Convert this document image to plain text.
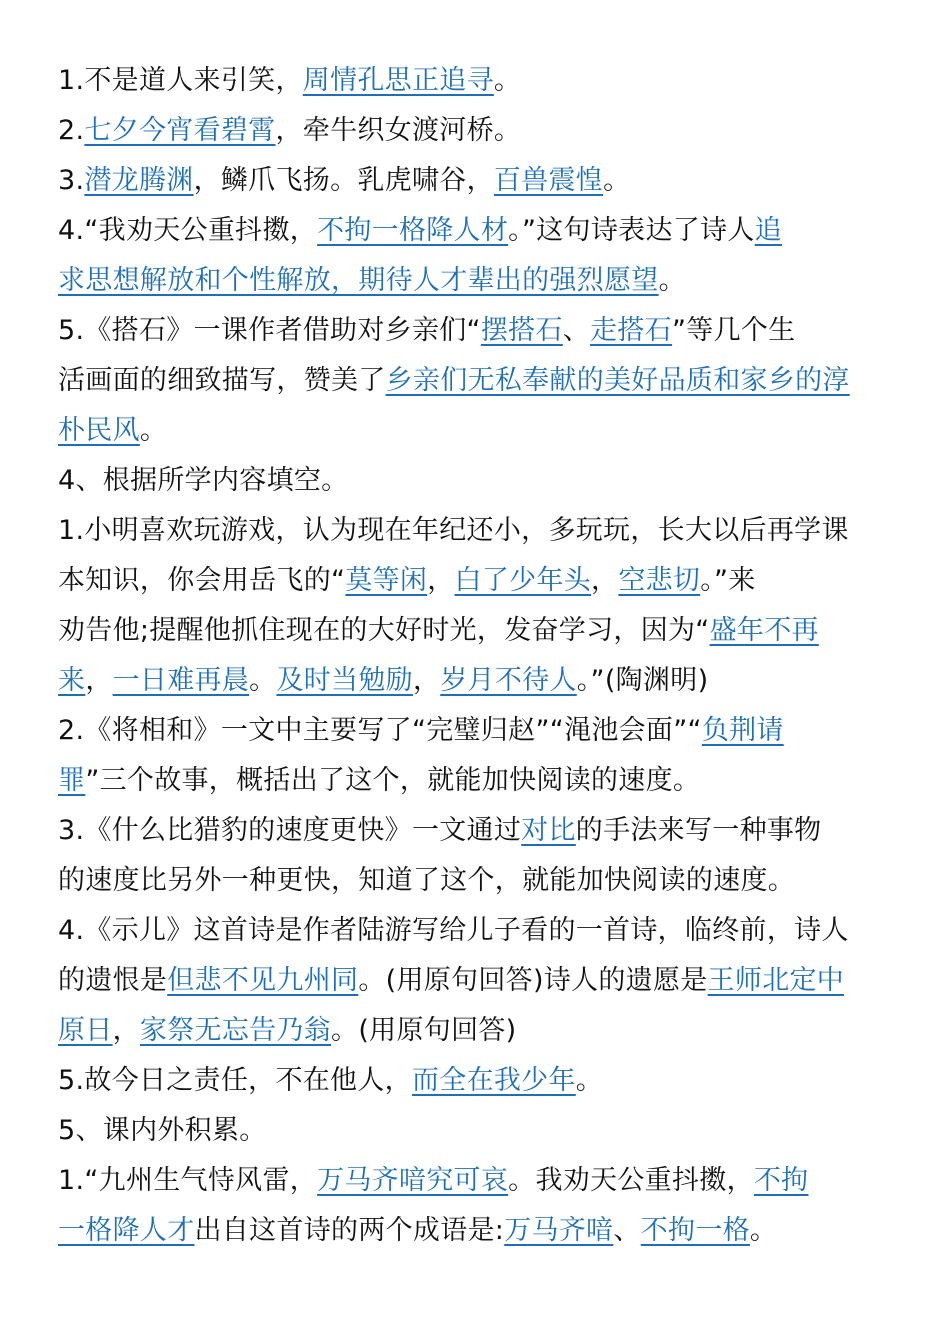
1.不是道人来引笑，周情孔思正追寻。
2.七夕今宵看碧霄，牵牛织女渡河桥。
3.潜龙腾渊，鳞爪飞扬。乳虎啸谷，百兽震惶。
4.“我劝天公重抖擞，不拘一格降人材。”这句诗表达了诗人追
求思想解放和个性解放，期待人才辈出的强烈愿望。
5.《搭石》一课作者借助对乡亲们“摆搭石、走搭石”等几个生
活画面的细致描写，赞美了乡亲们无私奉献的美好品质和家乡的淳
朴民风。
4、根据所学内容填空。
1.小明喜欢玩游戏，认为现在年纪还小，多玩玩，长大以后再学课
本知识，你会用岳飞的“莫等闲，白了少年头，空悲切。”来
劝告他;提醒他抓住现在的大好时光，发奋学习，因为“盛年不再
来，一日难再晨。及时当勉励，岁月不待人。”(陶渊明)
2.《将相和》一文中主要写了“完璧归赵”“渑池会面”“负荆请
罪”三个故事，概括出了这个，就能加快阅读的速度。
3.《什么比猎豹的速度更快》一文通过对比的手法来写一种事物
的速度比另外一种更快，知道了这个，就能加快阅读的速度。
4.《示儿》这首诗是作者陆游写给儿子看的一首诗，临终前，诗人
的遗恨是但悲不见九州同。(用原句回答)诗人的遗愿是王师北定中
原日，家祭无忘告乃翁。(用原句回答)
5.故今日之责任，不在他人，而全在我少年。
5、课内外积累。
1.“九州生气恃风雷，万马齐喑究可哀。我劝天公重抖擞，不拘
一格降人才出自这首诗的两个成语是:万马齐喑、不拘一格。
